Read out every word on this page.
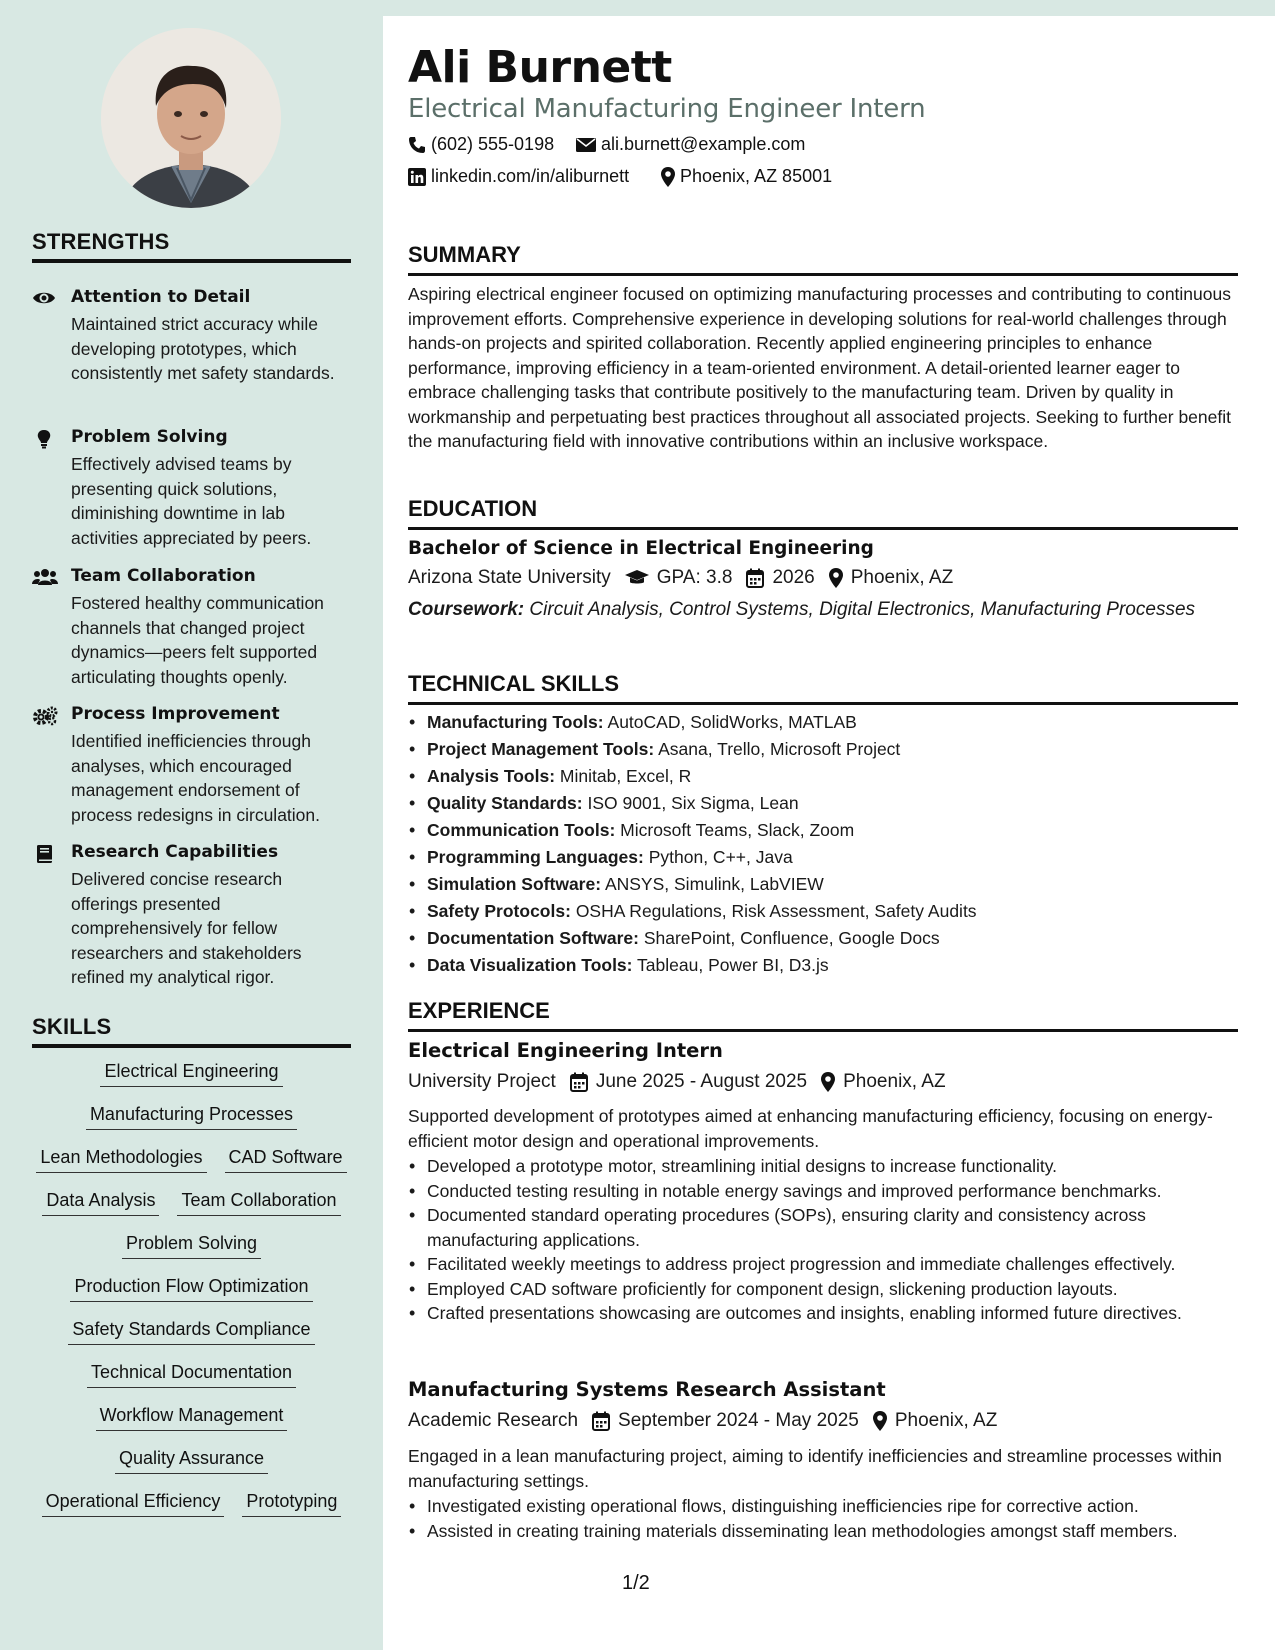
STRENGTHS
Attention to Detail
Maintained strict accuracy while developing prototypes, which consistently met safety standards.
Problem Solving
Effectively advised teams by presenting quick solutions, diminishing downtime in lab activities appreciated by peers.
Team Collaboration
Fostered healthy communication channels that changed project dynamics—peers felt supported articulating thoughts openly.
Process Improvement
Identified inefficiencies through analyses, which encouraged management endorsement of process redesigns in circulation.
Research Capabilities
Delivered concise research offerings presented comprehensively for fellow researchers and stakeholders refined my analytical rigor.
SKILLS
Electrical Engineering
Manufacturing Processes
Lean Methodologies CAD Software
Data Analysis Team Collaboration
Problem Solving
Production Flow Optimization
Safety Standards Compliance
Technical Documentation
Workflow Management
Quality Assurance
Operational Efficiency Prototyping
Ali Burnett
Electrical Manufacturing Engineer Intern
(602) 555-0198	ali.burnett@example.com
linkedin.com/in/aliburnett	Phoenix, AZ 85001
SUMMARY
Aspiring electrical engineer focused on optimizing manufacturing processes and contributing to continuous improvement efforts. Comprehensive experience in developing solutions for real-world challenges through hands-on projects and spirited collaboration. Recently applied engineering principles to enhance performance, improving efficiency in a team-oriented environment. A detail-oriented learner eager to embrace challenging tasks that contribute positively to the manufacturing team. Driven by quality in workmanship and perpetuating best practices throughout all associated projects. Seeking to further benefit the manufacturing field with innovative contributions within an inclusive workspace.
EDUCATION
Bachelor of Science in Electrical Engineering
Arizona State University GPA: 3.8 2026 Phoenix, AZ
Coursework: Circuit Analysis, Control Systems, Digital Electronics, Manufacturing Processes
TECHNICAL SKILLS
• Manufacturing Tools: AutoCAD, SolidWorks, MATLAB
• Project Management Tools: Asana, Trello, Microsoft Project
• Analysis Tools: Minitab, Excel, R
• Quality Standards: ISO 9001, Six Sigma, Lean
• Communication Tools: Microsoft Teams, Slack, Zoom
• Programming Languages: Python, C++, Java
• Simulation Software: ANSYS, Simulink, LabVIEW
• Safety Protocols: OSHA Regulations, Risk Assessment, Safety Audits
• Documentation Software: SharePoint, Confluence, Google Docs
• Data Visualization Tools: Tableau, Power BI, D3.js
EXPERIENCE
Electrical Engineering Intern
University Project June 2025 - August 2025 Phoenix, AZ
Supported development of prototypes aimed at enhancing manufacturing efficiency, focusing on energy-efficient motor design and operational improvements.
• Developed a prototype motor, streamlining initial designs to increase functionality.
• Conducted testing resulting in notable energy savings and improved performance benchmarks.
• Documented standard operating procedures (SOPs), ensuring clarity and consistency across manufacturing applications.
• Facilitated weekly meetings to address project progression and immediate challenges effectively.
• Employed CAD software proficiently for component design, slickening production layouts.
• Crafted presentations showcasing are outcomes and insights, enabling informed future directives.
Manufacturing Systems Research Assistant
Academic Research September 2024 - May 2025 Phoenix, AZ
Engaged in a lean manufacturing project, aiming to identify inefficiencies and streamline processes within manufacturing settings.
• Investigated existing operational flows, distinguishing inefficiencies ripe for corrective action.
• Assisted in creating training materials disseminating lean methodologies amongst staff members.
1/2
